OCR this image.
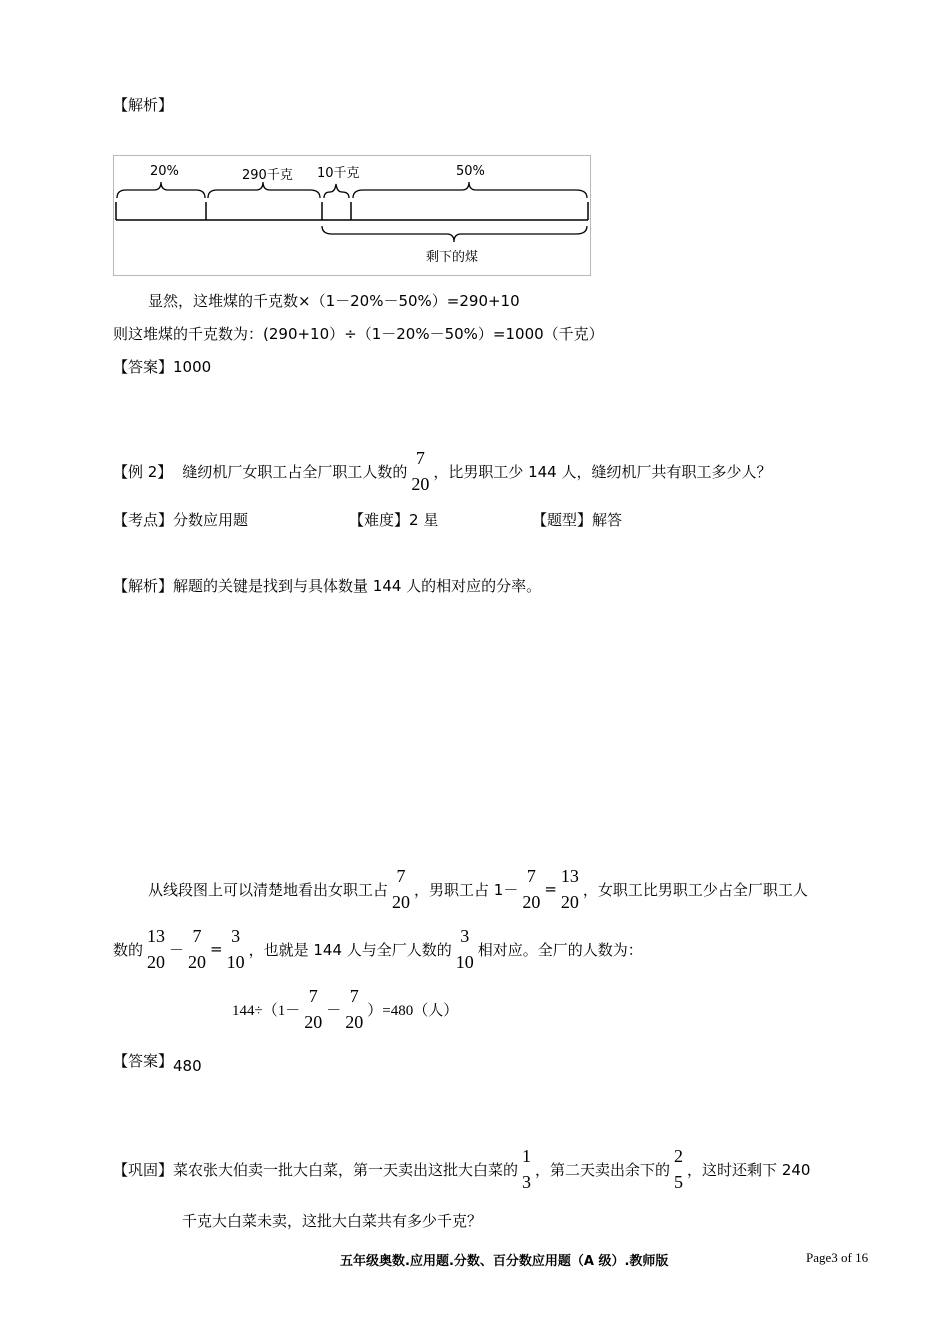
【解析】
20%	290千克 10千克	50%
剩下的煤
显然，这堆煤的千克数×（1－20%－50%）=290+10
则这堆煤的千克数为：(290+10）÷（1－20%－50%）=1000（千克）
【答案】1000
【例 2】 缝纫机厂女职工占全厂职工人数的
7
20
，比男职工少 144 人，缝纫机厂共有职工多少人？
【考点】分数应用题	【难度】2 星	【题型】解答
【解析】解题的关键是找到与具体数量 144 人的相对应的分率。
从线段图上可以清楚地看出女职工占
7
20
，男职工占 1－
7
20
=
13
20
，女职工比男职工少占全厂职工人
数的
13
20
－
7
20
=
3
10
，也就是 144 人与全厂人数的
3
10
相对应。全厂的人数为：
144÷（1－
7
20
－
7
20
）=480（人）
【答案】480
【巩固】 菜农张大伯卖一批大白菜，第一天卖出这批大白菜的
1
3
，第二天卖出余下的
2
5
，这时还剩下 240
千克大白菜未卖，这批大白菜共有多少千克？
五年级奥数.应用题.分数、百分数应用题（A 级）.教师版	Page3 of 16
